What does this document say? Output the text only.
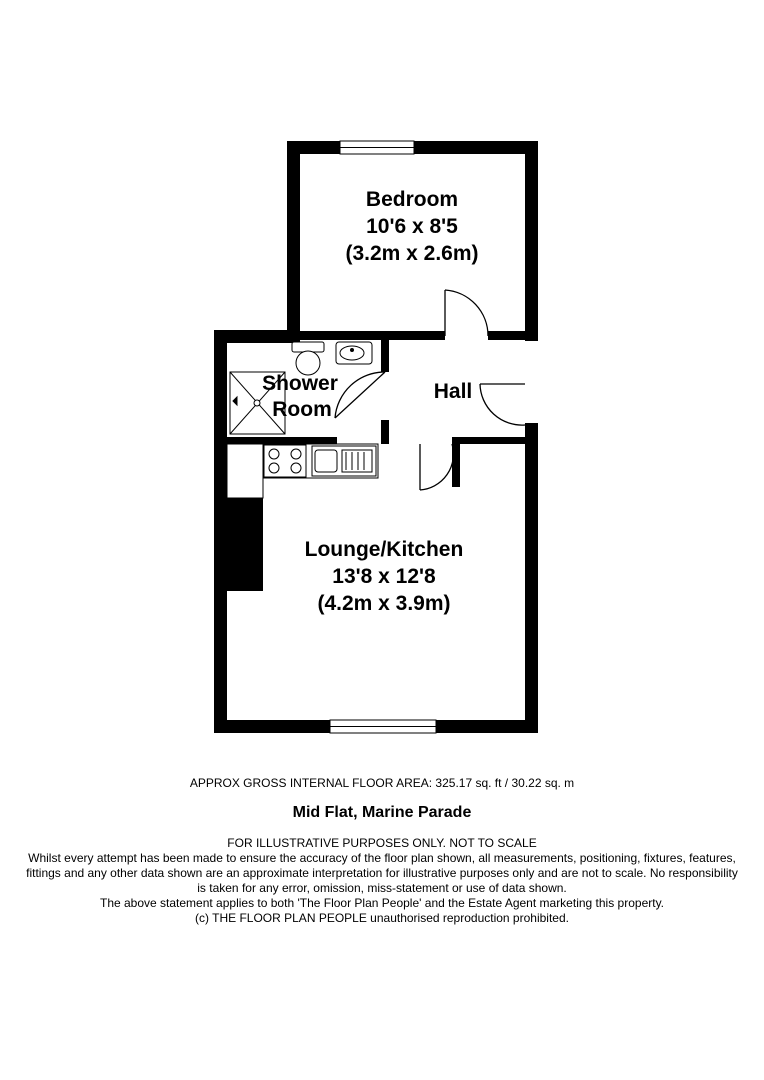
Bedroom
10'6 x 8'5
(3.2m x 2.6m)
Shower
Room
Hall
Lounge/Kitchen
13'8 x 12'8
(4.2m x 3.9m)
APPROX GROSS INTERNAL FLOOR AREA: 325.17 sq. ft / 30.22 sq. m
Mid Flat, Marine Parade
FOR ILLUSTRATIVE PURPOSES ONLY. NOT TO SCALE
Whilst every attempt has been made to ensure the accuracy of the floor plan shown, all measurements, positioning, fixtures, features,
fittings and any other data shown are an approximate interpretation for illustrative purposes only and are not to scale. No responsibility
is taken for any error, omission, miss-statement or use of data shown.
The above statement applies to both 'The Floor Plan People' and the Estate Agent marketing this property.
(c) THE FLOOR PLAN PEOPLE unauthorised reproduction prohibited.
